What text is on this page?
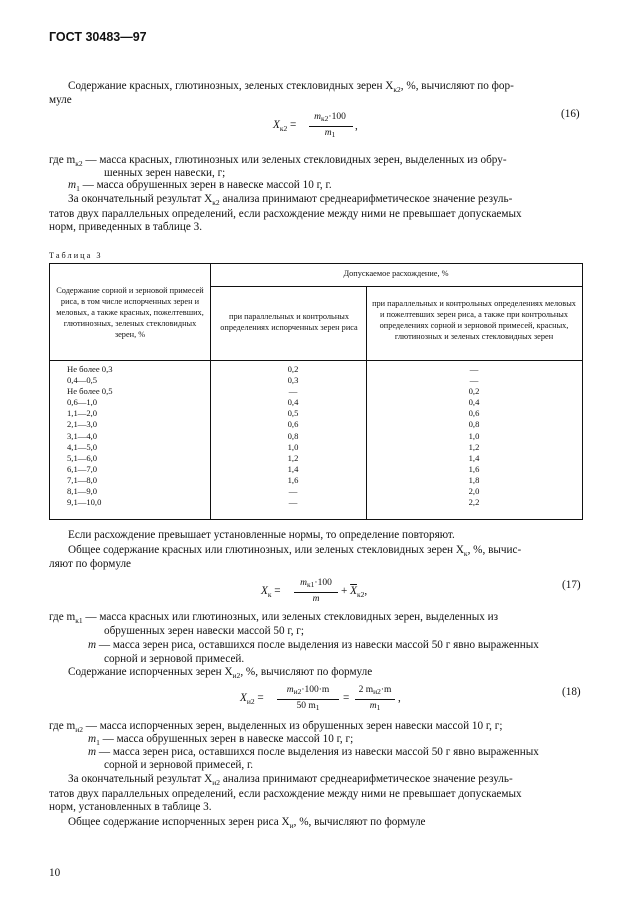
ГОСТ 30483—97
Содержание красных, глютинозных, зеленых стекловидных зерен $X_{к2}$, %, вычисляют по фор-
муле
$X_{к2}$ =
$m_{к2}\cdot 100$
$m_1$
,
(16)
где $m_{к2}$ — масса красных, глютинозных или зеленых стекловидных зерен, выделенных из обру-
шенных зерен навески, г;
$m_1$ — масса обрушенных зерен в навеске массой 10 г, г.
За окончательный результат $X_{к2}$ анализа принимают среднеарифметическое значение резуль-
татов двух параллельных определений, если расхождение между ними не превышает допускаемых
норм, приведенных в таблице 3.
Таблица 3
Содержание сорной и зерновой примесей риса, в том числе испорченных зерен и меловых, а также красных, пожелтевших, глютинозных, зеленых стекловидных зерен, %
Допускаемое расхождение, %
при параллельных и контрольных определениях испорченных зерен риса
при параллельных и контрольных определениях меловых и пожелтевших зерен риса, а также при контрольных определениях сорной и зерновой примесей, красных, глютинозных и зеленых стекловидных зерен
Не более 0,3
0,4—0,5
Не более 0,5
0,6—1,0
1,1—2,0
2,1—3,0
3,1—4,0
4,1—5,0
5,1—6,0
6,1—7,0
7,1—8,0
8,1—9,0
9,1—10,0
0,2
0,3
—
0,4
0,5
0,6
0,8
1,0
1,2
1,4
1,6
—
—
—
—
0,2
0,4
0,6
0,8
1,0
1,2
1,4
1,6
1,8
2,0
2,2
Если расхождение превышает установленные нормы, то определение повторяют.
Общее содержание красных или глютинозных, или зеленых стекловидных зерен $X_к$, %, вычис-
ляют по формуле
$X_к$ =
$m_{к1}\cdot 100$
m
+ $\overline{X}_{к2}$,	(17)
где $m_{к1}$ — масса красных или глютинозных, или зеленых стекловидных зерен, выделенных из
обрушенных зерен навески массой 50 г, г;
m — масса зерен риса, оставшихся после выделения из навески массой 50 г явно выраженных
сорной и зерновой примесей.
Содержание испорченных зерен $X_{и2}$, %, вычисляют по формуле
$X_{и2}$ =
$m_{и2}\cdot 100\cdot m$
50 $m_1$
=
2 $m_{и2}\cdot m$
$m_1$
,	(18)
где $m_{и2}$ — масса испорченных зерен, выделенных из обрушенных зерен навески массой 10 г, г;
$m_1$ — масса обрушенных зерен в навеске массой 10 г, г;
m — масса зерен риса, оставшихся после выделения из навески массой 50 г явно выраженных
сорной и зерновой примесей, г.
За окончательный результат $X_{и2}$ анализа принимают среднеарифметическое значение резуль-
татов двух параллельных определений, если расхождение между ними не превышает допускаемых
норм, установленных в таблице 3.
Общее содержание испорченных зерен риса $X_и$, %, вычисляют по формуле
10
